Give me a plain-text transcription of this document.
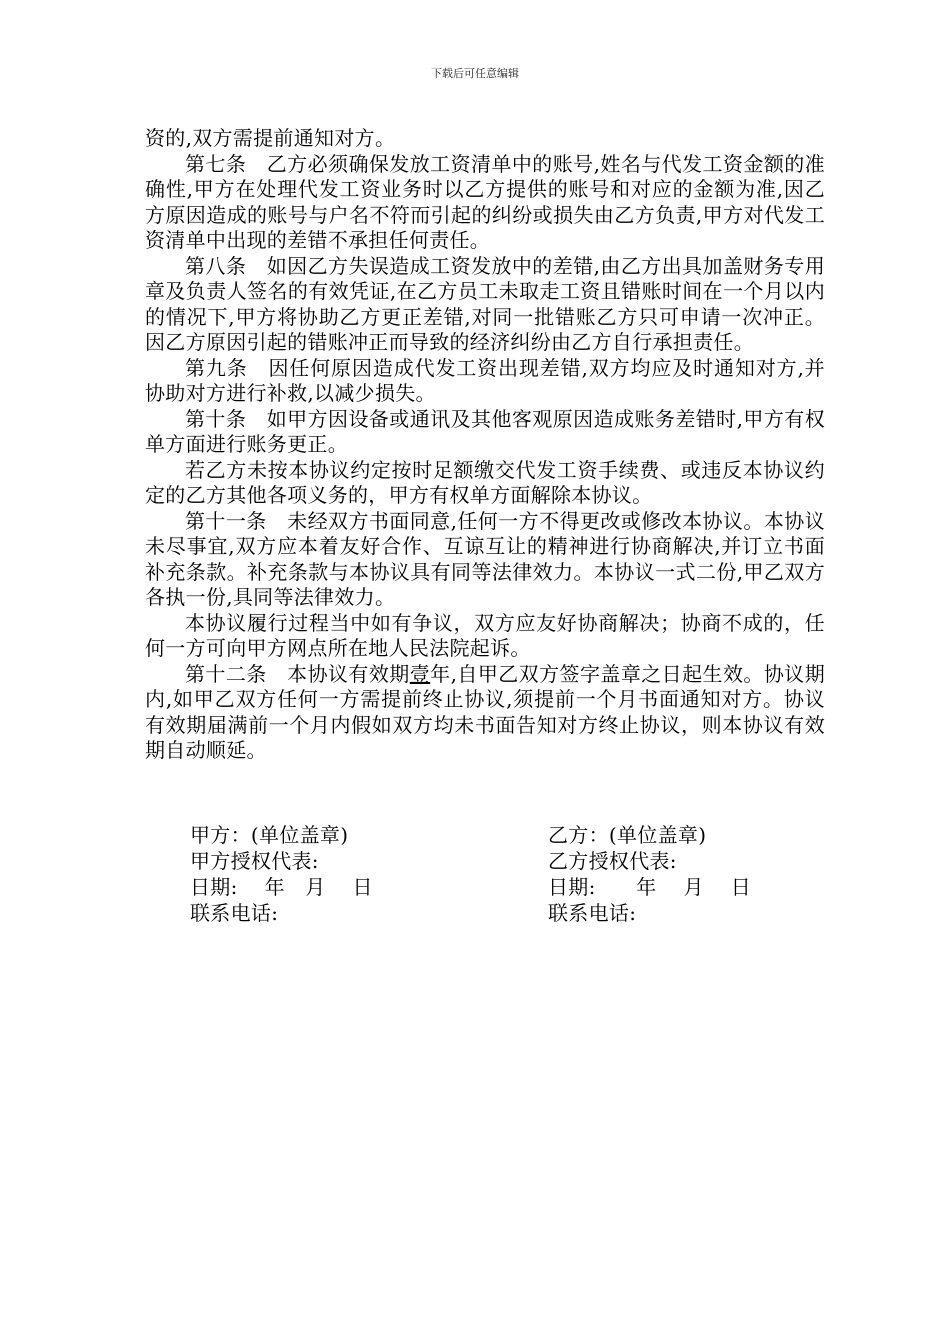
下载后可任意编辑

资的,双方需提前通知对方。

第七条　乙方必须确保发放工资清单中的账号,姓名与代发工资金额的准确性,甲方在处理代发工资业务时以乙方提供的账号和对应的金额为准,因乙方原因造成的账号与户名不符而引起的纠纷或损失由乙方负责,甲方对代发工资清单中出现的差错不承担任何责任。

第八条　如因乙方失误造成工资发放中的差错,由乙方出具加盖财务专用章及负责人签名的有效凭证,在乙方员工未取走工资且错账时间在一个月以内的情况下,甲方将协助乙方更正差错,对同一批错账乙方只可申请一次冲正。因乙方原因引起的错账冲正而导致的经济纠纷由乙方自行承担责任。

第九条　因任何原因造成代发工资出现差错,双方均应及时通知对方,并协助对方进行补救,以减少损失。

第十条　如甲方因设备或通讯及其他客观原因造成账务差错时,甲方有权单方面进行账务更正。

若乙方未按本协议约定按时足额缴交代发工资手续费、或违反本协议约定的乙方其他各项义务的，甲方有权单方面解除本协议。

第十一条　未经双方书面同意,任何一方不得更改或修改本协议。本协议未尽事宜,双方应本着友好合作、互谅互让的精神进行协商解决,并订立书面补充条款。补充条款与本协议具有同等法律效力。本协议一式二份,甲乙双方各执一份,具同等法律效力。

本协议履行过程当中如有争议，双方应友好协商解决；协商不成的，任何一方可向甲方网点所在地人民法院起诉。

第十二条　本协议有效期壹年,自甲乙双方签字盖章之日起生效。协议期内,如甲乙双方任何一方需提前终止协议,须提前一个月书面通知对方。协议有效期届满前一个月内假如双方均未书面告知对方终止协议，则本协议有效期自动顺延。

甲方：(单位盖章)
甲方授权代表:
日期:　 年　月　 日
联系电话:
乙方：(单位盖章)
乙方授权代表:
日期:　　年　 月　 日
联系电话:
